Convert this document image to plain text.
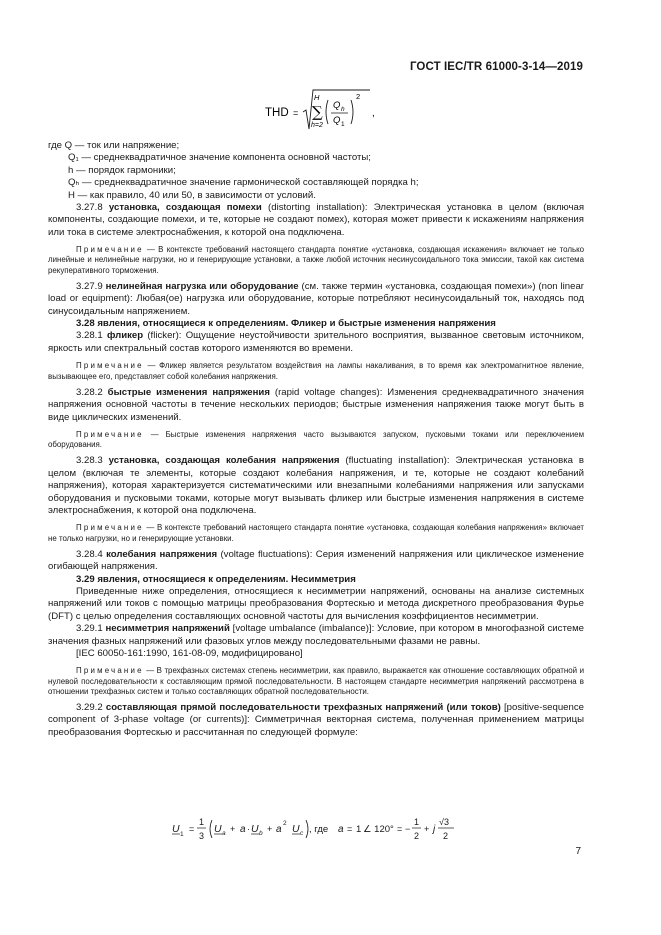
ГОСТ IEC/TR 61000-3-14—2019
THD =
H
∑
h=2
Q h
Q 1
2
,

где Q — ток или напряжение;

Q₁ — среднеквадратичное значение компонента основной частоты;
h — порядок гармоники;
Qₕ — среднеквадратичное значение гармонической составляющей порядка h;
H — как правило, 40 или 50, в зависимости от условий.

3.27.8 установка, создающая помехи (distorting installation): Электрическая установка в целом (включая компоненты, создающие помехи, и те, которые не создают помех), которая может привести к искажениям напряжения или тока в системе электроснабжения, к которой она подключена.

Примечание — В контексте требований настоящего стандарта понятие «установка, создающая искажения» включает не только линейные и нелинейные нагрузки, но и генерирующие установки, а также любой источник несинусоидального тока эмиссии, такой как система рекуперативного торможения.

3.27.9 нелинейная нагрузка или оборудование (см. также термин «установка, создающая помехи») (non linear load or equipment): Любая(ое) нагрузка или оборудование, которые потребляют несинусоидальный ток, находясь под синусоидальным напряжением.

3.28 явления, относящиеся к определениям. Фликер и быстрые изменения напряжения

3.28.1 фликер (flicker): Ощущение неустойчивости зрительного восприятия, вызванное световым источником, яркость или спектральный состав которого изменяются во времени.

Примечание — Фликер является результатом воздействия на лампы накаливания, в то время как электромагнитное явление, вызывающее его, представляет собой колебания напряжения.

3.28.2 быстрые изменения напряжения (rapid voltage changes): Изменения среднеквадратичного значения напряжения основной частоты в течение нескольких периодов; быстрые изменения напряжения также могут быть в виде циклических изменений.

Примечание — Быстрые изменения напряжения часто вызываются запуском, пусковыми токами или переключением оборудования.

3.28.3 установка, создающая колебания напряжения (fluctuating installation): Электрическая установка в целом (включая те элементы, которые создают колебания напряжения, и те, которые не создают колебаний напряжения), которая характеризуется систематическими или внезапными колебаниями напряжения или запусками оборудования и пусковыми токами, которые могут вызывать фликер или быстрые изменения напряжения в системе электроснабжения, к которой она подключена.

Примечание — В контексте требований настоящего стандарта понятие «установка, создающая колебания напряжения» включает не только нагрузки, но и генерирующие установки.

3.28.4 колебания напряжения (voltage fluctuations): Серия изменений напряжения или циклическое изменение огибающей напряжения.

3.29 явления, относящиеся к определениям. Несимметрия

Приведенные ниже определения, относящиеся к несимметрии напряжений, основаны на анализе системных напряжений или токов с помощью матрицы преобразования Фортескью и метода дискретного преобразования Фурье (DFT) с целью определения составляющих основной частоты для вычисления коэффициентов несимметрии.

3.29.1 несимметрия напряжений [voltage umbalance (imbalance)]: Условие, при котором в многофазной системе значения фазных напряжений или фазовых углов между последовательными фазами не равны.

[IEC 60050-161:1990, 161-08-09, модифицировано]

Примечание — В трехфазных системах степень несимметрии, как правило, выражается как отношение составляющих обратной и нулевой последовательности к составляющим прямой последовательности. В настоящем стандарте несимметрия напряжений рассмотрена в отношении трехфазных систем и только составляющих обратной последовательности.

3.29.2 составляющая прямой последовательности трехфазных напряжений (или токов) [positive-sequence component of 3-phase voltage (or currents)]: Симметричная векторная система, полученная применением матрицы преобразования Фортескью и рассчитанная по следующей формуле:

U 1
=
1
3
U a + a · U b + a
2 U c , где a = 1 ∠ 120° = −
1
2
+ j
√3
2
7
